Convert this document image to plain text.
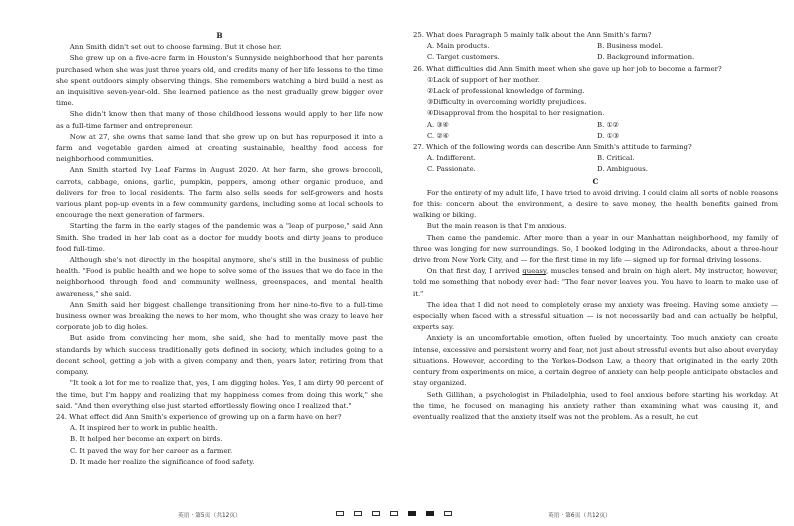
B

Ann Smith didn't set out to choose farming. But it chose her.

She grew up on a five-acre farm in Houston's Sunnyside neighborhood that her parents purchased when she was just three years old, and credits many of her life lessons to the time she spent outdoors simply observing things. She remembers watching a bird build a nest as an inquisitive seven-year-old. She learned patience as the nest gradually grew bigger over time.

She didn't know then that many of those childhood lessons would apply to her life now as a full-time farmer and entrepreneur.

Now at 27, she owns that same land that she grew up on but has repurposed it into a farm and vegetable garden aimed at creating sustainable, healthy food access for neighborhood communities.

Ann Smith started Ivy Leaf Farms in August 2020. At her farm, she grows broccoli, carrots, cabbage, onions, garlic, pumpkin, peppers, among other organic produce, and delivers for free to local residents. The farm also sells seeds for self-growers and hosts various plant pop-up events in a few community gardens, including some at local schools to encourage the next generation of farmers.

Starting the farm in the early stages of the pandemic was a "leap of purpose," said Ann Smith. She traded in her lab coat as a doctor for muddy boots and dirty jeans to produce food full-time.

Although she's not directly in the hospital anymore, she's still in the business of public health. "Food is public health and we hope to solve some of the issues that we do face in the neighborhood through food and community wellness, greenspaces, and mental health awareness," she said.

Ann Smith said her biggest challenge transitioning from her nine-to-five to a full-time business owner was breaking the news to her mom, who thought she was crazy to leave her corporate job to dig holes.

But aside from convincing her mom, she said, she had to mentally move past the standards by which success traditionally gets defined in society, which includes going to a decent school, getting a job with a given company and then, years later, retiring from that company.

"It took a lot for me to realize that, yes, I am digging holes. Yes, I am dirty 90 percent of the time, but I'm happy and realizing that my happiness comes from doing this work," she said. "And then everything else just started effortlessly flowing once I realized that."

24. What effect did Ann Smith's experience of growing up on a farm have on her?

A. It inspired her to work in public health.

B. It helped her become an expert on birds.

C. It paved the way for her career as a farmer.

D. It made her realize the significance of food safety.

25. What does Paragraph 5 mainly talk about the Ann Smith's farm?

A. Main products.	B. Business model.
C. Target customers.	D. Background information.

26. What difficulties did Ann Smith meet when she gave up her job to become a farmer?

①Lack of support of her mother.

②Lack of professional knowledge of farming.

③Difficulty in overcoming worldly prejudices.

④Disapproval from the hospital to her resignation.

A. ③④	B. ①②
C. ②④	D. ①③

27. Which of the following words can describe Ann Smith's attitude to farming?

A. Indifferent.	B. Critical.
C. Passionate.	D. Ambiguous.
C

For the entirety of my adult life, I have tried to avoid driving. I could claim all sorts of noble reasons for this: concern about the environment, a desire to save money, the health benefits gained from walking or biking.

But the main reason is that I'm anxious.

Then came the pandemic. After more than a year in our Manhattan neighborhood, my family of three was longing for new surroundings. So, I booked lodging in the Adirondacks, about a three-hour drive from New York City, and — for the first time in my life — signed up for formal driving lessons.

On that first day, I arrived queasy, muscles tensed and brain on high alert. My instructor, however, told me something that nobody ever had: "The fear never leaves you. You have to learn to make use of it."

The idea that I did not need to completely erase my anxiety was freeing. Having some anxiety — especially when faced with a stressful situation — is not necessarily bad and can actually be helpful, experts say.

Anxiety is an uncomfortable emotion, often fueled by uncertainty. Too much anxiety can create intense, excessive and persistent worry and fear, not just about stressful events but also about everyday situations. However, according to the Yerkes-Dodson Law, a theory that originated in the early 20th century from experiments on mice, a certain degree of anxiety can help people anticipate obstacles and stay organized.

Seth Gillihan, a psychologist in Philadelphia, used to feel anxious before starting his workday. At the time, he focused on managing his anxiety rather than examining what was causing it, and eventually realized that the anxiety itself was not the problem. As a result, he cut

英语 · 第5页（共12页）	英语 · 第6页（共12页）
